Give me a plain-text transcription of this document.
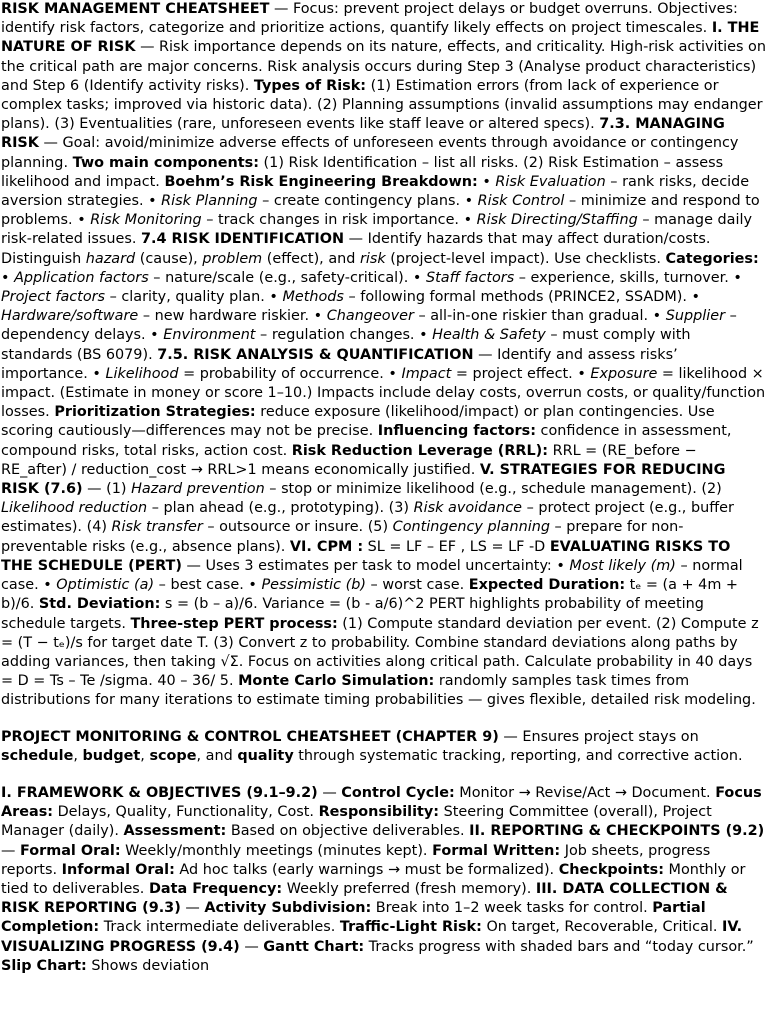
RISK MANAGEMENT CHEATSHEET — Focus: prevent project delays or budget overruns. Objectives: identify risk factors, categorize and prioritize actions, quantify likely effects on project timescales. I. THE NATURE OF RISK — Risk importance depends on its nature, effects, and criticality. High-risk activities on the critical path are major concerns. Risk analysis occurs during Step 3 (Analyse product characteristics) and Step 6 (Identify activity risks). Types of Risk: (1) Estimation errors (from lack of experience or complex tasks; improved via historic data). (2) Planning assumptions (invalid assumptions may endanger plans). (3) Eventualities (rare, unforeseen events like staff leave or altered specs). 7.3. MANAGING RISK — Goal: avoid/minimize adverse effects of unforeseen events through avoidance or contingency planning. Two main components: (1) Risk Identification – list all risks. (2) Risk Estimation – assess likelihood and impact. Boehm’s Risk Engineering Breakdown: • Risk Evaluation – rank risks, decide aversion strategies. • Risk Planning – create contingency plans. • Risk Control – minimize and respond to problems. • Risk Monitoring – track changes in risk importance. • Risk Directing/Staffing – manage daily risk-related issues. 7.4 RISK IDENTIFICATION — Identify hazards that may affect duration/costs. Distinguish hazard (cause), problem (effect), and risk (project-level impact). Use checklists. Categories: • Application factors – nature/scale (e.g., safety-critical). • Staff factors – experience, skills, turnover. • Project factors – clarity, quality plan. • Methods – following formal methods (PRINCE2, SSADM). • Hardware/software – new hardware riskier. • Changeover – all-in-one riskier than gradual. • Supplier – dependency delays. • Environment – regulation changes. • Health & Safety – must comply with standards (BS 6079). 7.5. RISK ANALYSIS & QUANTIFICATION — Identify and assess risks’ importance. • Likelihood = probability of occurrence. • Impact = project effect. • Exposure = likelihood × impact. (Estimate in money or score 1–10.) Impacts include delay costs, overrun costs, or quality/function losses. Prioritization Strategies: reduce exposure (likelihood/impact) or plan contingencies. Use scoring cautiously—differences may not be precise. Influencing factors: confidence in assessment, compound risks, total risks, action cost. Risk Reduction Leverage (RRL): RRL = (RE_before − RE_after) / reduction_cost → RRL>1 means economically justified. V. STRATEGIES FOR REDUCING RISK (7.6) — (1) Hazard prevention – stop or minimize likelihood (e.g., schedule management). (2) Likelihood reduction – plan ahead (e.g., prototyping). (3) Risk avoidance – protect project (e.g., buffer estimates). (4) Risk transfer – outsource or insure. (5) Contingency planning – prepare for non-preventable risks (e.g., absence plans). VI. CPM : SL = LF – EF , LS = LF -D EVALUATING RISKS TO THE SCHEDULE (PERT) — Uses 3 estimates per task to model uncertainty: • Most likely (m) – normal case. • Optimistic (a) – best case. • Pessimistic (b) – worst case. Expected Duration: tₑ = (a + 4m + b)/6. Std. Deviation: s = (b – a)/6. Variance = (b - a/6)^2 PERT highlights probability of meeting schedule targets. Three-step PERT process: (1) Compute standard deviation per event. (2) Compute z = (T − tₑ)/s for target date T. (3) Convert z to probability. Combine standard deviations along paths by adding variances, then taking √Σ. Focus on activities along critical path. Calculate probability in 40 days = D = Ts – Te /sigma. 40 – 36/ 5. Monte Carlo Simulation: randomly samples task times from distributions for many iterations to estimate timing probabilities — gives flexible, detailed risk modeling.

PROJECT MONITORING & CONTROL CHEATSHEET (CHAPTER 9) — Ensures project stays on schedule, budget, scope, and quality through systematic tracking, reporting, and corrective action.

I. FRAMEWORK & OBJECTIVES (9.1–9.2) — Control Cycle: Monitor → Revise/Act → Document. Focus Areas: Delays, Quality, Functionality, Cost. Responsibility: Steering Committee (overall), Project Manager (daily). Assessment: Based on objective deliverables. II. REPORTING & CHECKPOINTS (9.2) — Formal Oral: Weekly/monthly meetings (minutes kept). Formal Written: Job sheets, progress reports. Informal Oral: Ad hoc talks (early warnings → must be formalized). Checkpoints: Monthly or tied to deliverables. Data Frequency: Weekly preferred (fresh memory). III. DATA COLLECTION & RISK REPORTING (9.3) — Activity Subdivision: Break into 1–2 week tasks for control. Partial Completion: Track intermediate deliverables. Traffic-Light Risk: On target, Recoverable, Critical. IV. VISUALIZING PROGRESS (9.4) — Gantt Chart: Tracks progress with shaded bars and “today cursor.” Slip Chart: Shows deviation
